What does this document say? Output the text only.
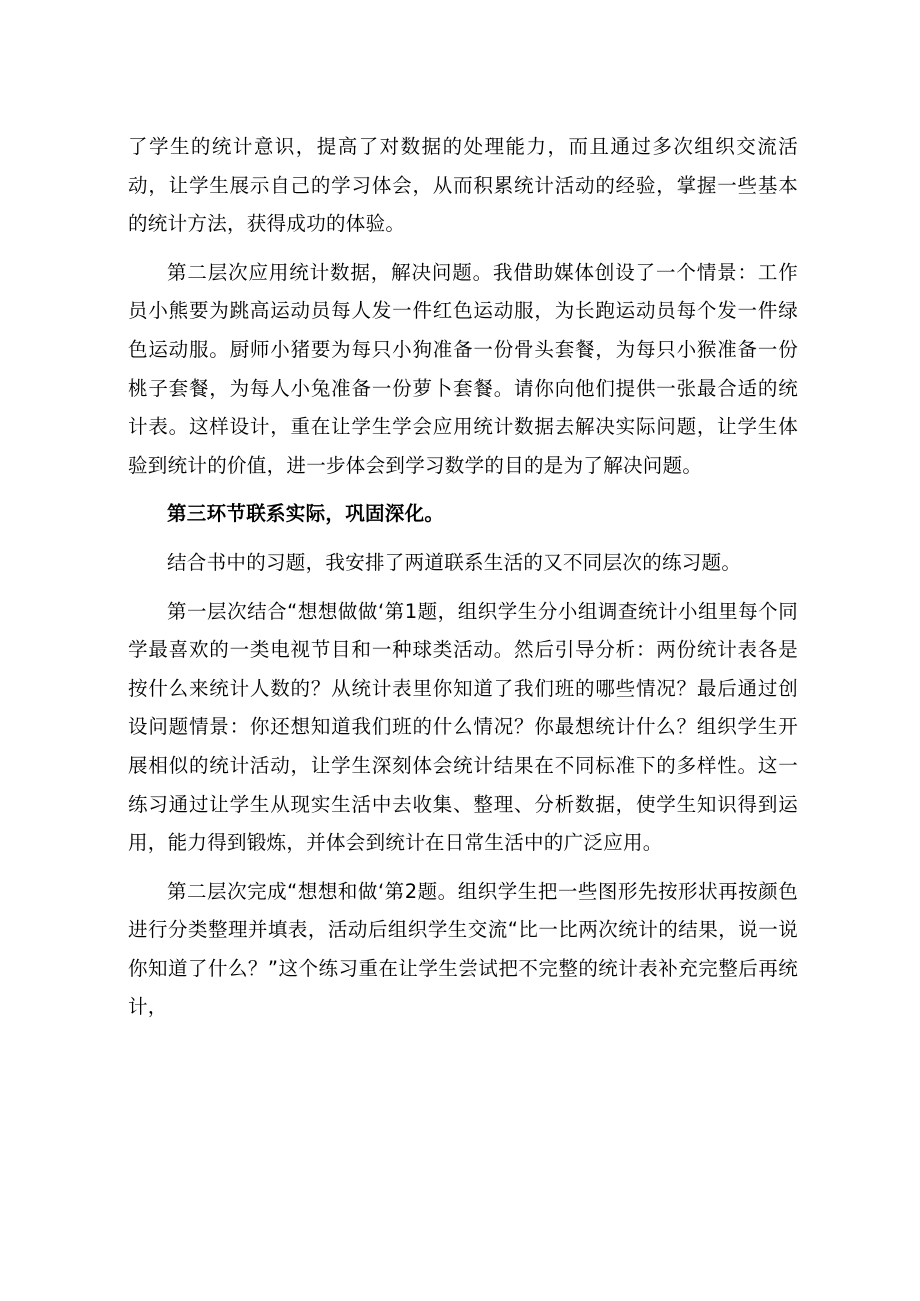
了学生的统计意识，提高了对数据的处理能力，而且通过多次组织交流活动，让学生展示自己的学习体会，从而积累统计活动的经验，掌握一些基本的统计方法，获得成功的体验。

第二层次应用统计数据，解决问题。我借助媒体创设了一个情景：工作员小熊要为跳高运动员每人发一件红色运动服，为长跑运动员每个发一件绿色运动服。厨师小猪要为每只小狗准备一份骨头套餐，为每只小猴准备一份桃子套餐，为每人小兔准备一份萝卜套餐。请你向他们提供一张最合适的统计表。这样设计，重在让学生学会应用统计数据去解决实际问题，让学生体验到统计的价值，进一步体会到学习数学的目的是为了解决问题。

第三环节联系实际，巩固深化。

结合书中的习题，我安排了两道联系生活的又不同层次的练习题。

第一层次结合“想想做做‘第1题，组织学生分小组调查统计小组里每个同学最喜欢的一类电视节目和一种球类活动。然后引导分析：两份统计表各是按什么来统计人数的？从统计表里你知道了我们班的哪些情况？最后通过创设问题情景：你还想知道我们班的什么情况？你最想统计什么？组织学生开展相似的统计活动，让学生深刻体会统计结果在不同标准下的多样性。这一练习通过让学生从现实生活中去收集、整理、分析数据，使学生知识得到运用，能力得到锻炼，并体会到统计在日常生活中的广泛应用。

第二层次完成“想想和做‘第2题。组织学生把一些图形先按形状再按颜色进行分类整理并填表，活动后组织学生交流“比一比两次统计的结果，说一说你知道了什么？”这个练习重在让学生尝试把不完整的统计表补充完整后再统计，
